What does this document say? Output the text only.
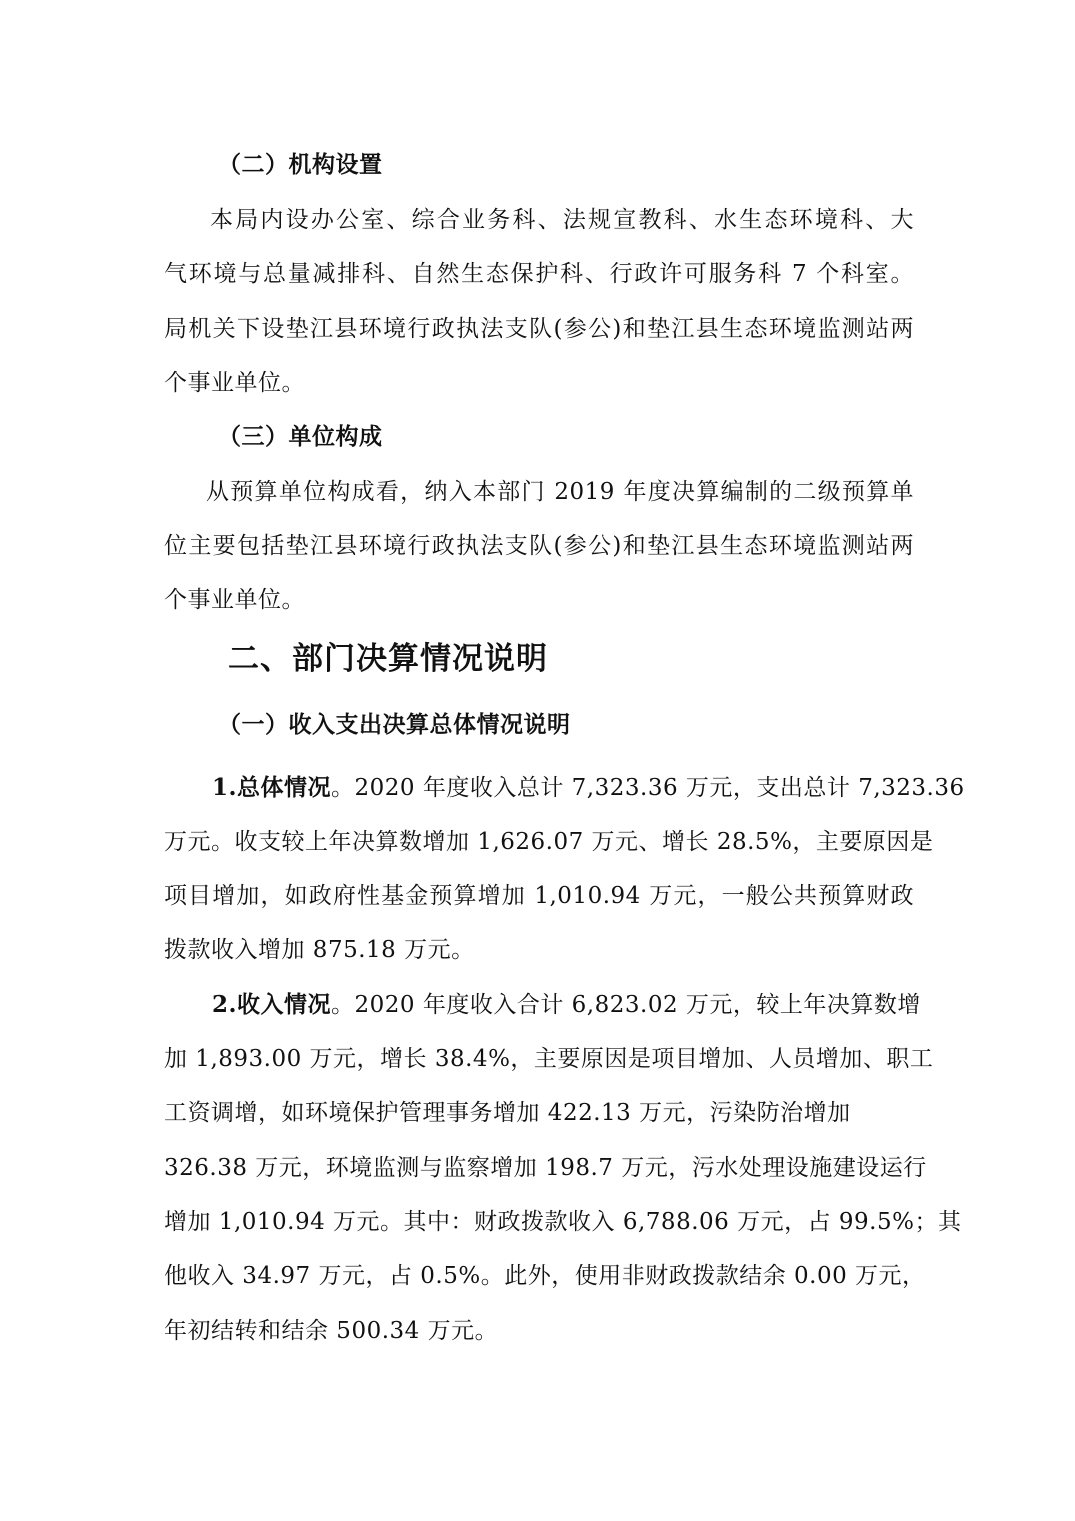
（二）机构设置
本局内设办公室、综合业务科、法规宣教科、水生态环境科、大
气环境与总量减排科、自然生态保护科、行政许可服务科 7 个科室。
局机关下设垫江县环境行政执法支队(参公)和垫江县生态环境监测站两
个事业单位。
（三）单位构成
从预算单位构成看，纳入本部门 2019 年度决算编制的二级预算单
位主要包括垫江县环境行政执法支队(参公)和垫江县生态环境监测站两
个事业单位。
二、部门决算情况说明
（一）收入支出决算总体情况说明
1.总体情况。2020 年度收入总计 7,323.36 万元，支出总计 7,323.36
万元。收支较上年决算数增加 1,626.07 万元、增长 28.5%，主要原因是
项目增加，如政府性基金预算增加 1,010.94 万元，一般公共预算财政
拨款收入增加 875.18 万元。
2.收入情况。2020 年度收入合计 6,823.02 万元，较上年决算数增
加 1,893.00 万元，增长 38.4%，主要原因是项目增加、人员增加、职工
工资调增，如环境保护管理事务增加 422.13 万元，污染防治增加
326.38 万元，环境监测与监察增加 198.7 万元，污水处理设施建设运行
增加 1,010.94 万元。其中：财政拨款收入 6,788.06 万元，占 99.5%；其
他收入 34.97 万元，占 0.5%。此外，使用非财政拨款结余 0.00 万元，
年初结转和结余 500.34 万元。
